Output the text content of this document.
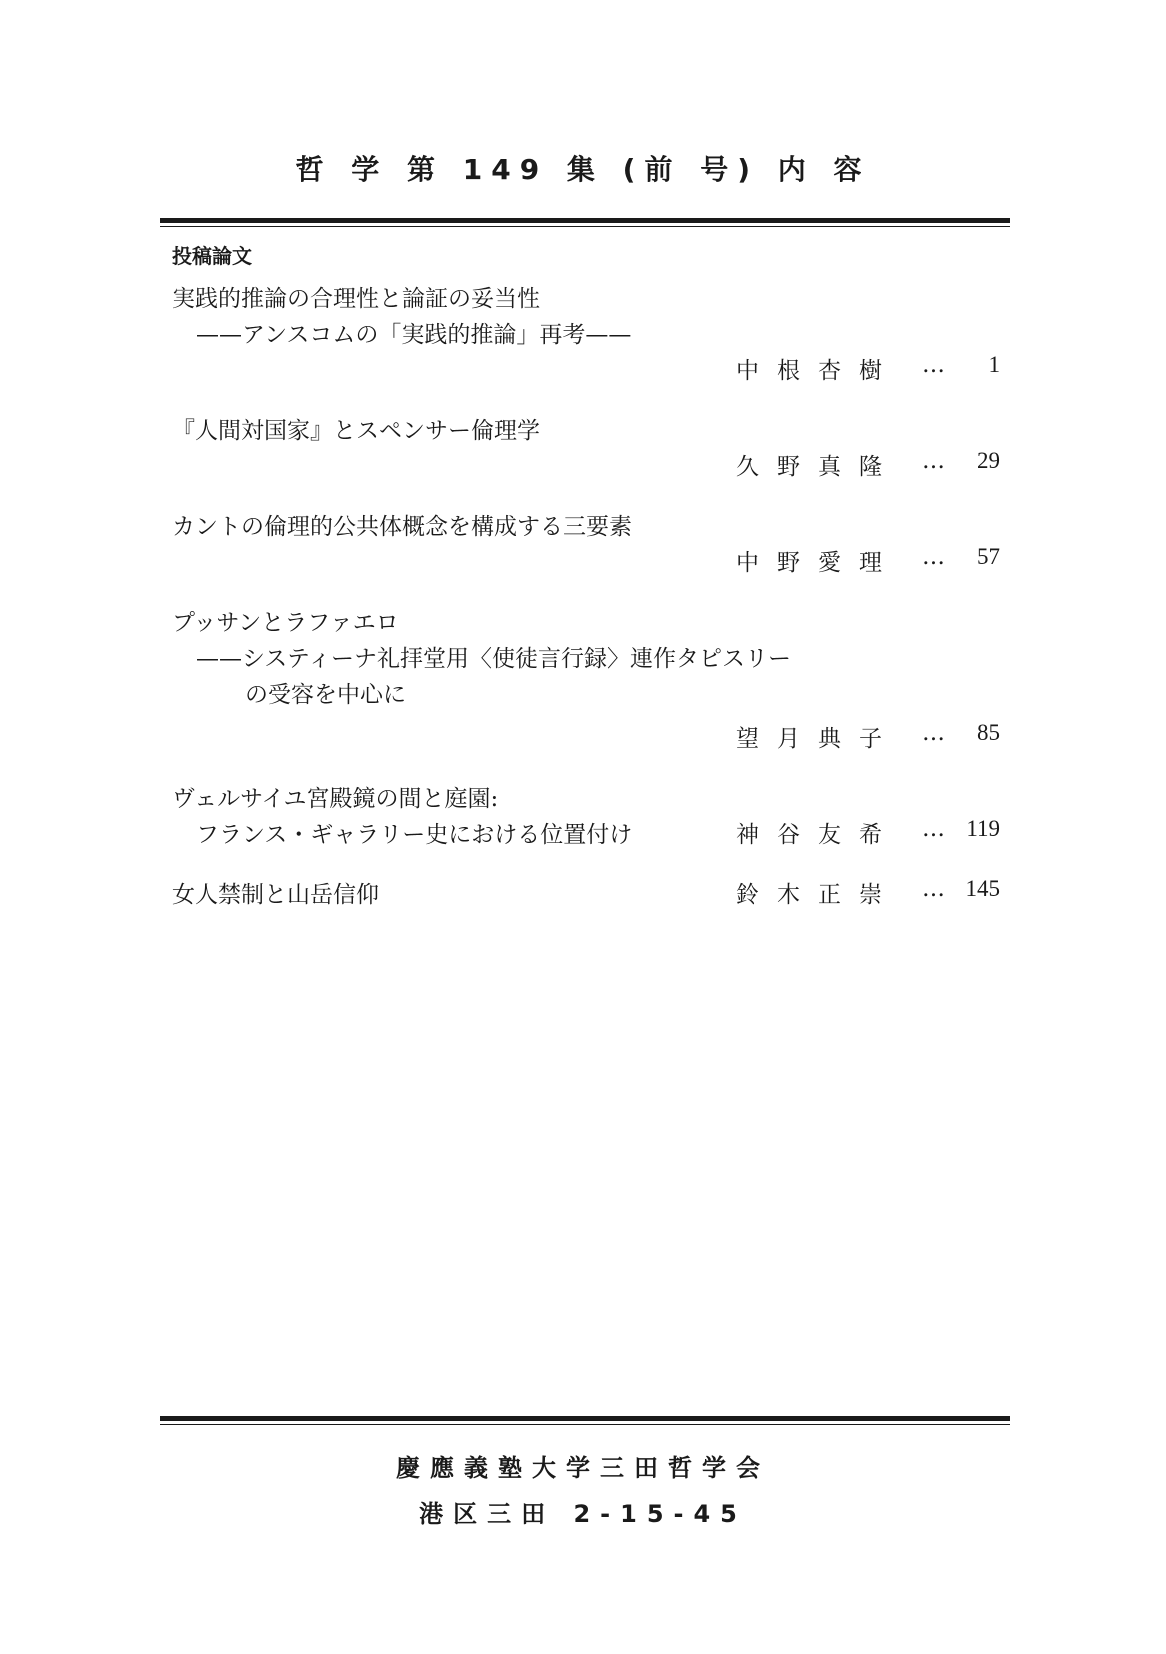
哲 学 第 149 集 (前 号) 内 容
投稿論文
実践的推論の合理性と論証の妥当性
——アンスコムの「実践的推論」再考——
中根杏樹 … 1
『人間対国家』とスペンサー倫理学
久野真隆 … 29
カントの倫理的公共体概念を構成する三要素
中野愛理 … 57
プッサンとラファエロ
——システィーナ礼拝堂用〈使徒言行録〉連作タピスリー
の受容を中心に
望月典子 … 85
ヴェルサイユ宮殿鏡の間と庭園:
フランス・ギャラリー史における位置付け	神谷友希 … 119
女人禁制と山岳信仰	鈴木正崇 … 145
慶應義塾大学三田哲学会
港区三田 2-15-45
